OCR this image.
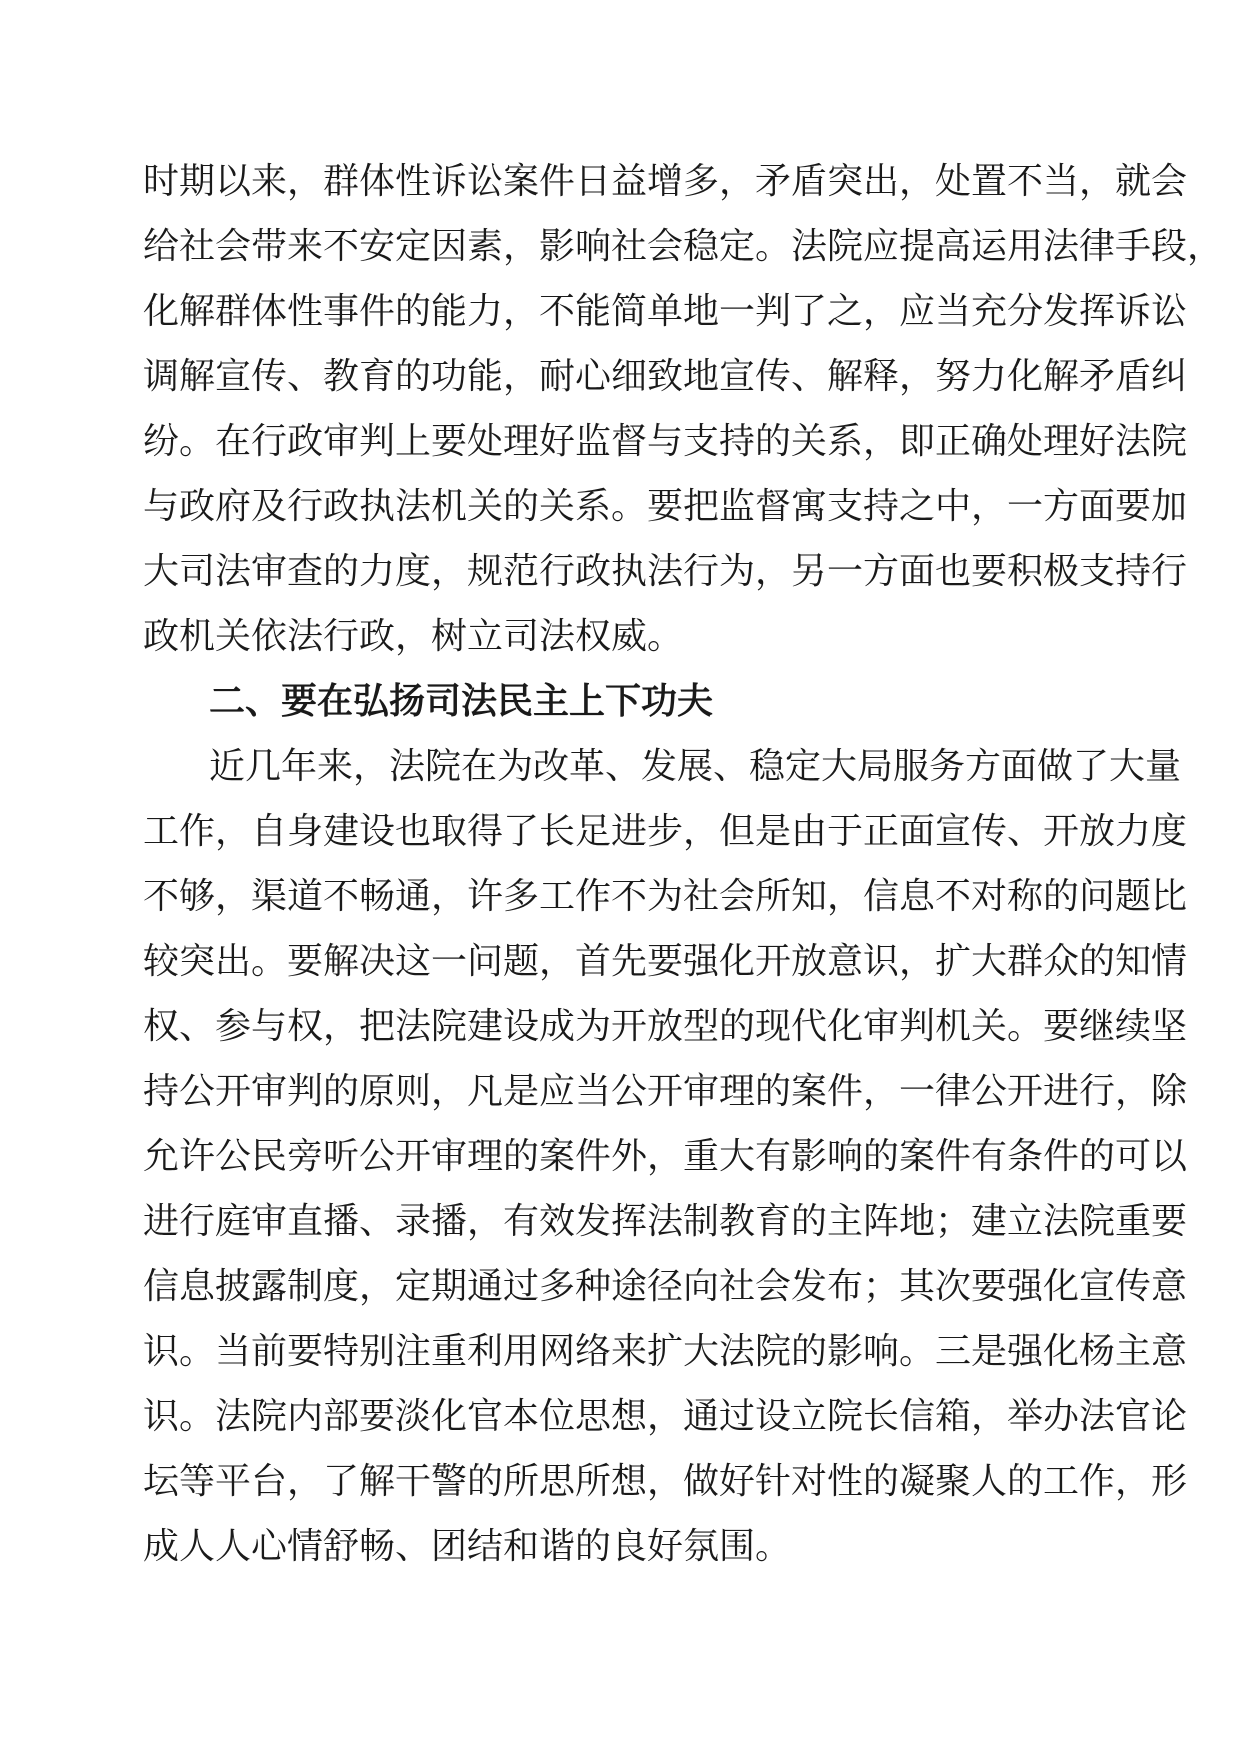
时期以来，群体性诉讼案件日益增多，矛盾突出，处置不当，就会
给社会带来不安定因素，影响社会稳定。法院应提高运用法律手段，
化解群体性事件的能力，不能简单地一判了之，应当充分发挥诉讼
调解宣传、教育的功能，耐心细致地宣传、解释，努力化解矛盾纠
纷。在行政审判上要处理好监督与支持的关系，即正确处理好法院
与政府及行政执法机关的关系。要把监督寓支持之中，一方面要加
大司法审查的力度，规范行政执法行为，另一方面也要积极支持行
政机关依法行政，树立司法权威。
二、要在弘扬司法民主上下功夫
近几年来，法院在为改革、发展、稳定大局服务方面做了大量
工作，自身建设也取得了长足进步，但是由于正面宣传、开放力度
不够，渠道不畅通，许多工作不为社会所知，信息不对称的问题比
较突出。要解决这一问题，首先要强化开放意识，扩大群众的知情
权、参与权，把法院建设成为开放型的现代化审判机关。要继续坚
持公开审判的原则，凡是应当公开审理的案件，一律公开进行，除
允许公民旁听公开审理的案件外，重大有影响的案件有条件的可以
进行庭审直播、录播，有效发挥法制教育的主阵地；建立法院重要
信息披露制度，定期通过多种途径向社会发布；其次要强化宣传意
识。当前要特别注重利用网络来扩大法院的影响。三是强化杨主意
识。法院内部要淡化官本位思想，通过设立院长信箱，举办法官论
坛等平台，了解干警的所思所想，做好针对性的凝聚人的工作，形
成人人心情舒畅、团结和谐的良好氛围。
